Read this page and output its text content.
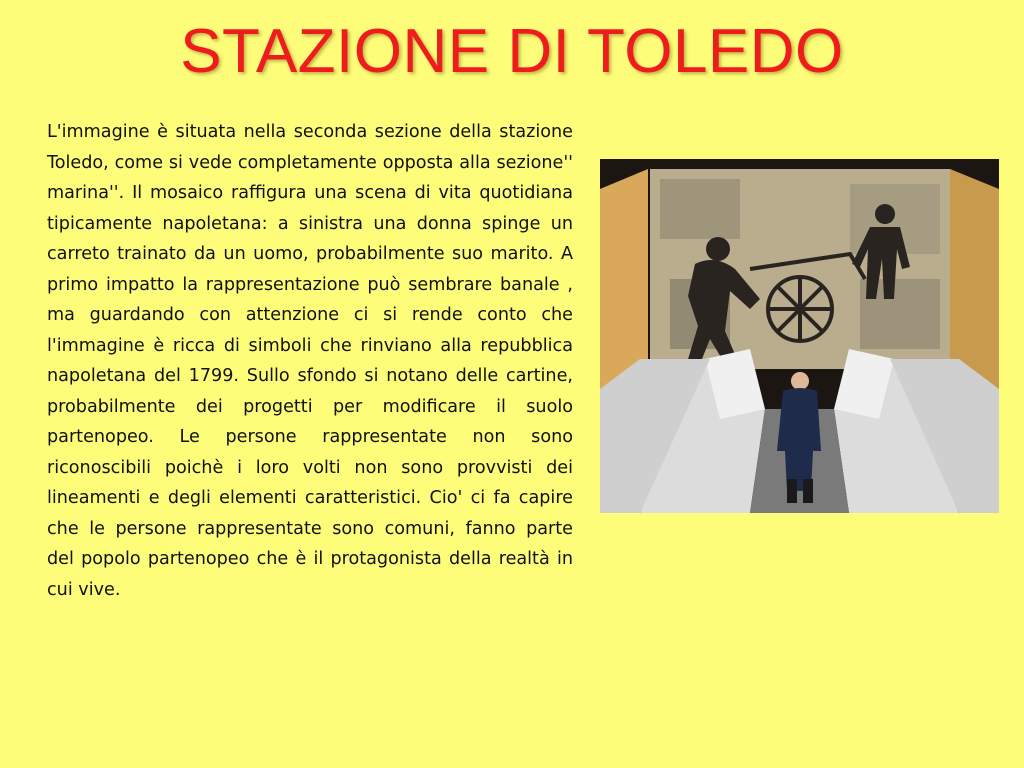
STAZIONE DI TOLEDO

L'immagine è situata nella seconda sezione della stazione Toledo, come si vede completamente opposta alla sezione'' marina''. Il mosaico raffigura una scena di vita quotidiana tipicamente napoletana: a sinistra una donna spinge un carreto trainato da un uomo, probabilmente suo marito. A primo impatto la rappresentazione può sembrare banale , ma guardando con attenzione ci si rende conto che l'immagine è ricca di simboli che rinviano alla repubblica napoletana del 1799. Sullo sfondo si notano delle cartine, probabilmente dei progetti per modificare il suolo partenopeo. Le persone rappresentate non sono riconoscibili poichè i loro volti non sono provvisti dei lineamenti e degli elementi caratteristici. Cio' ci fa capire che le persone rappresentate sono comuni, fanno parte  del popolo partenopeo che è il protagonista della realtà in cui vive.
